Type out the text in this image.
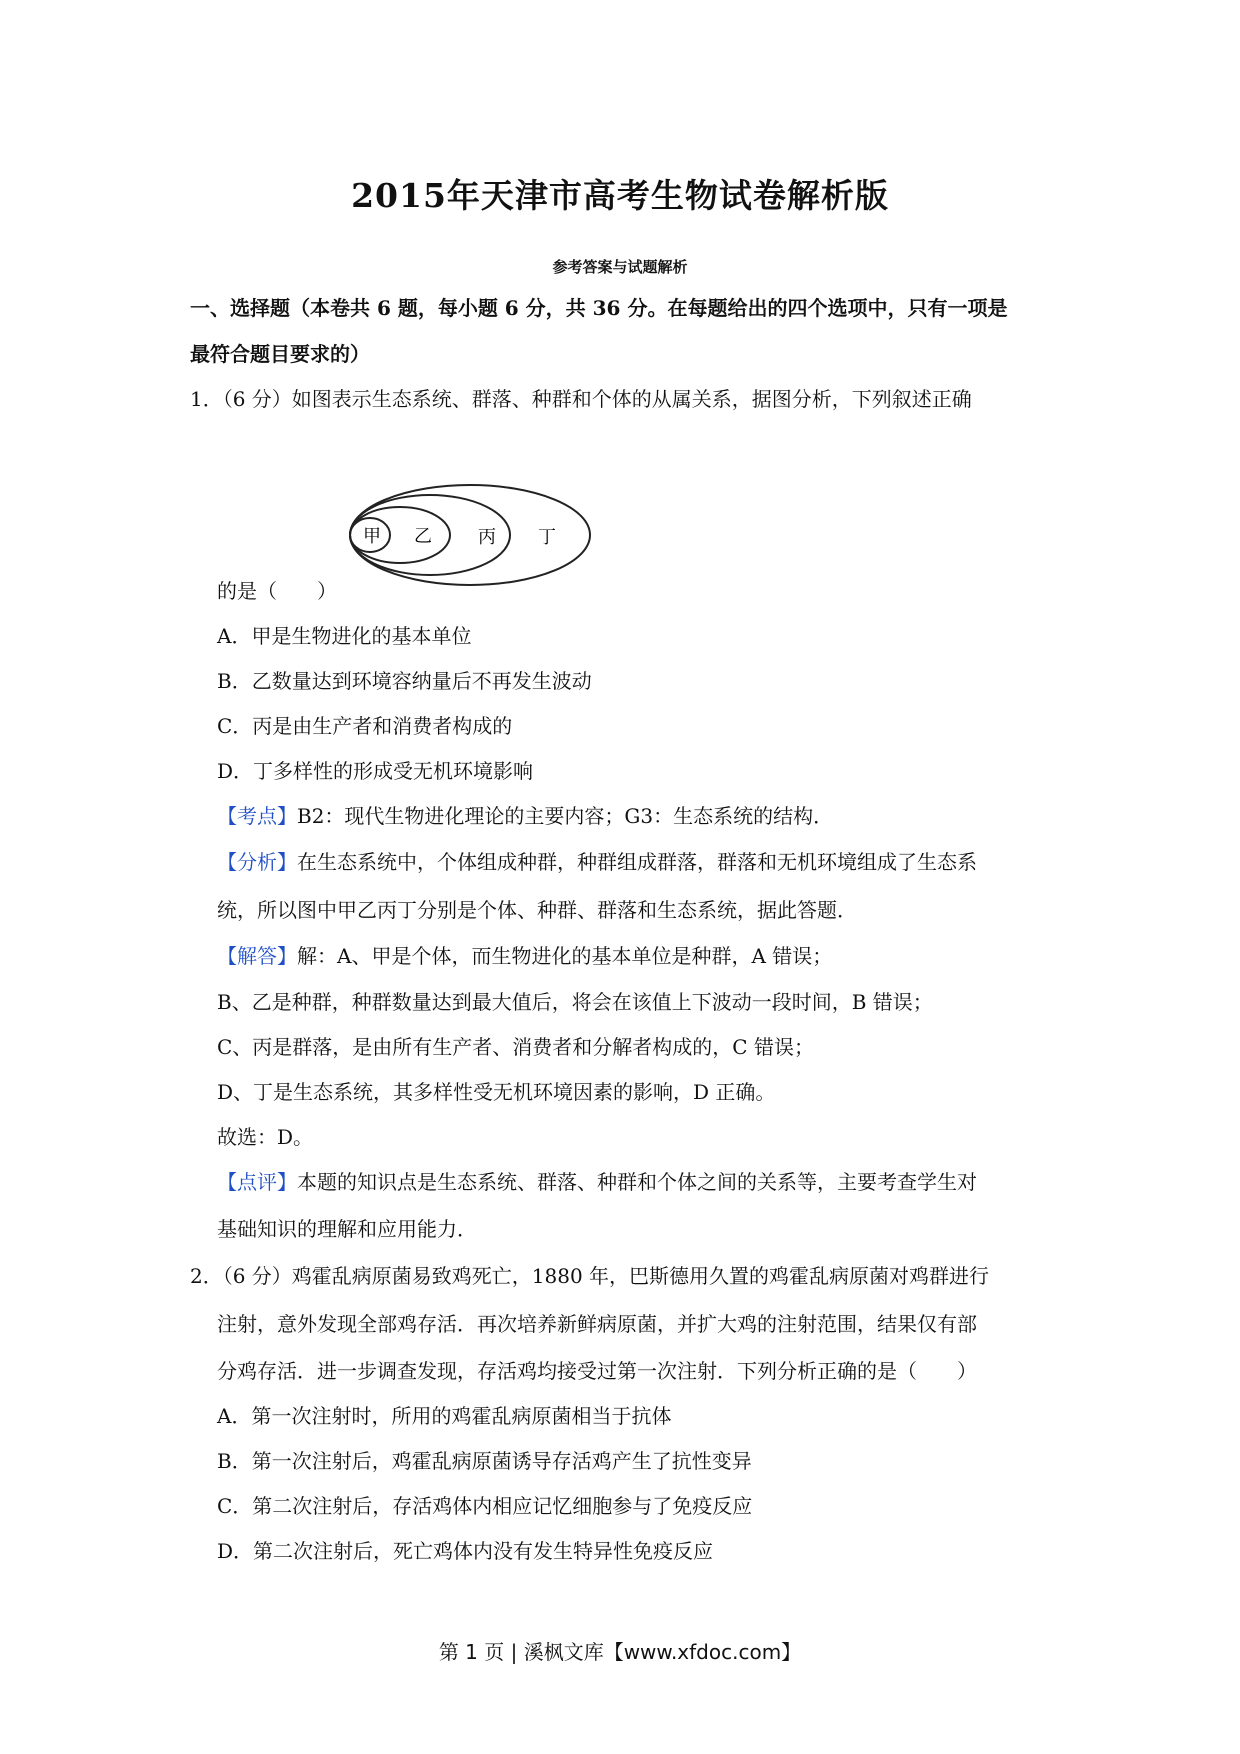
2015年天津市高考生物试卷解析版
参考答案与试题解析
一、选择题（本卷共 6 题，每小题 6 分，共 36 分。在每题给出的四个选项中，只有一项是
最符合题目要求的）
1．（6 分）如图表示生态系统、群落、种群和个体的从属关系，据图分析，下列叙述正确
甲 乙	丙 丁
的是（　　）
A．甲是生物进化的基本单位
B．乙数量达到环境容纳量后不再发生波动
C．丙是由生产者和消费者构成的
D．丁多样性的形成受无机环境影响
【考点】B2：现代生物进化理论的主要内容；G3：生态系统的结构．
【分析】在生态系统中，个体组成种群，种群组成群落，群落和无机环境组成了生态系
统，所以图中甲乙丙丁分别是个体、种群、群落和生态系统，据此答题．
【解答】解：A、甲是个体，而生物进化的基本单位是种群，A 错误；
B、乙是种群，种群数量达到最大值后，将会在该值上下波动一段时间，B 错误；
C、丙是群落，是由所有生产者、消费者和分解者构成的，C 错误；
D、丁是生态系统，其多样性受无机环境因素的影响，D 正确。
故选：D。
【点评】本题的知识点是生态系统、群落、种群和个体之间的关系等，主要考查学生对
基础知识的理解和应用能力．
2．（6 分）鸡霍乱病原菌易致鸡死亡，1880 年，巴斯德用久置的鸡霍乱病原菌对鸡群进行
注射，意外发现全部鸡存活．再次培养新鲜病原菌，并扩大鸡的注射范围，结果仅有部
分鸡存活．进一步调查发现，存活鸡均接受过第一次注射．下列分析正确的是（　　）
A．第一次注射时，所用的鸡霍乱病原菌相当于抗体
B．第一次注射后，鸡霍乱病原菌诱导存活鸡产生了抗性变异
C．第二次注射后，存活鸡体内相应记忆细胞参与了免疫反应
D．第二次注射后，死亡鸡体内没有发生特异性免疫反应
第 1 页 | 溪枫文库【www.xfdoc.com】
